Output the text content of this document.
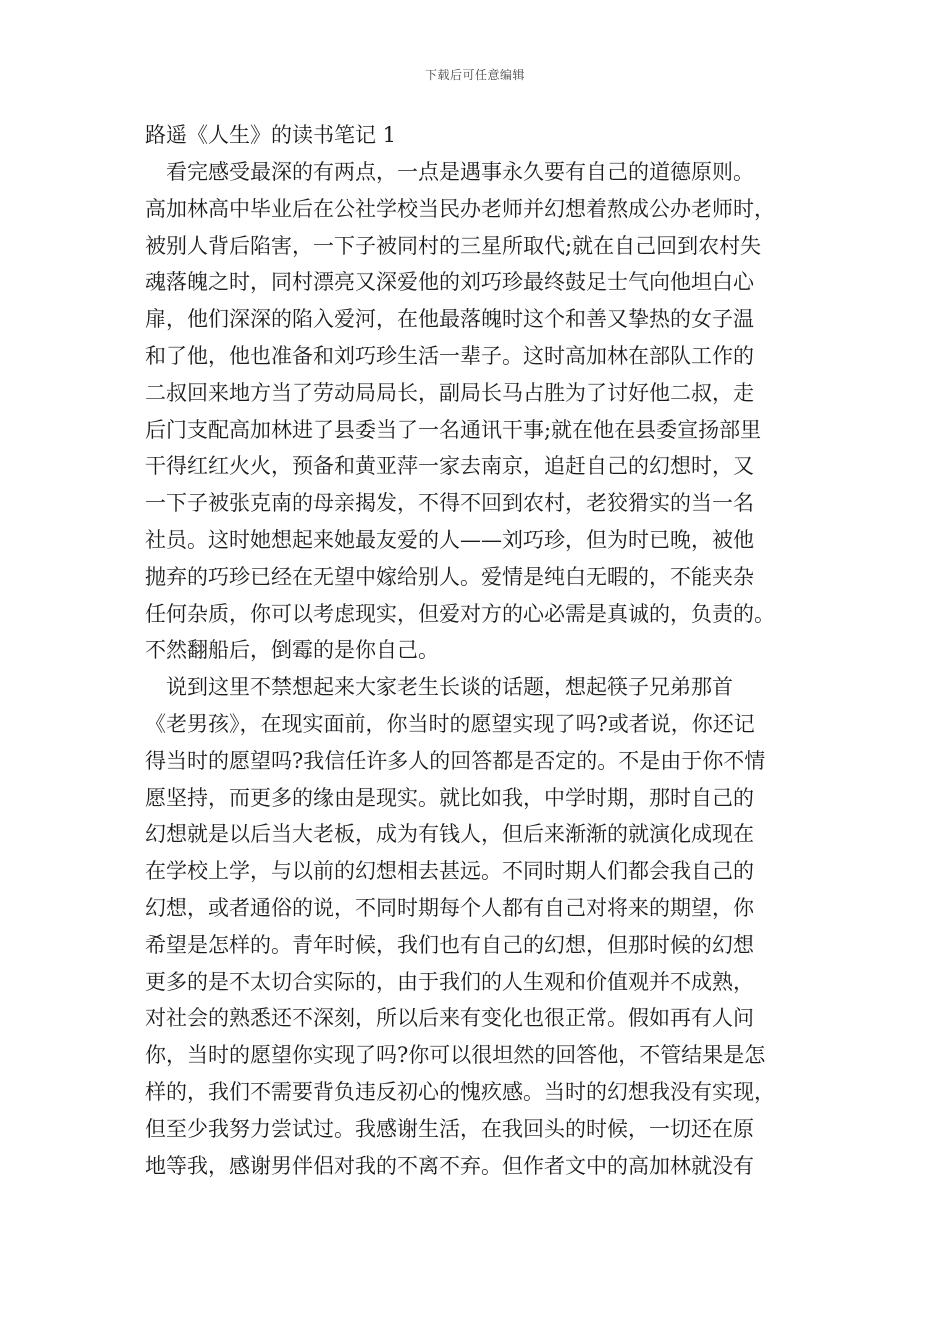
下载后可任意编辑
路遥《人生》的读书笔记 1
看完感受最深的有两点，一点是遇事永久要有自己的道德原则。
高加林高中毕业后在公社学校当民办老师并幻想着熬成公办老师时，
被别人背后陷害，一下子被同村的三星所取代;就在自己回到农村失
魂落魄之时，同村漂亮又深爱他的刘巧珍最终鼓足士气向他坦白心
扉，他们深深的陷入爱河，在他最落魄时这个和善又挚热的女子温
和了他，他也准备和刘巧珍生活一辈子。这时高加林在部队工作的
二叔回来地方当了劳动局局长，副局长马占胜为了讨好他二叔，走
后门支配高加林进了县委当了一名通讯干事;就在他在县委宣扬部里
干得红红火火，预备和黄亚萍一家去南京，追赶自己的幻想时，又
一下子被张克南的母亲揭发，不得不回到农村，老狡猾实的当一名
社员。这时她想起来她最友爱的人——刘巧珍，但为时已晚，被他
抛弃的巧珍已经在无望中嫁给别人。爱情是纯白无暇的，不能夹杂
任何杂质，你可以考虑现实，但爱对方的心必需是真诚的，负责的。
不然翻船后，倒霉的是你自己。
说到这里不禁想起来大家老生长谈的话题，想起筷子兄弟那首
《老男孩》，在现实面前，你当时的愿望实现了吗?或者说，你还记
得当时的愿望吗?我信任许多人的回答都是否定的。不是由于你不情
愿坚持，而更多的缘由是现实。就比如我，中学时期，那时自己的
幻想就是以后当大老板，成为有钱人，但后来渐渐的就演化成现在
在学校上学，与以前的幻想相去甚远。不同时期人们都会我自己的
幻想，或者通俗的说，不同时期每个人都有自己对将来的期望，你
希望是怎样的。青年时候，我们也有自己的幻想，但那时候的幻想
更多的是不太切合实际的，由于我们的人生观和价值观并不成熟，
对社会的熟悉还不深刻，所以后来有变化也很正常。假如再有人问
你，当时的愿望你实现了吗?你可以很坦然的回答他，不管结果是怎
样的，我们不需要背负违反初心的愧疚感。当时的幻想我没有实现，
但至少我努力尝试过。我感谢生活，在我回头的时候，一切还在原
地等我，感谢男伴侣对我的不离不弃。但作者文中的高加林就没有
